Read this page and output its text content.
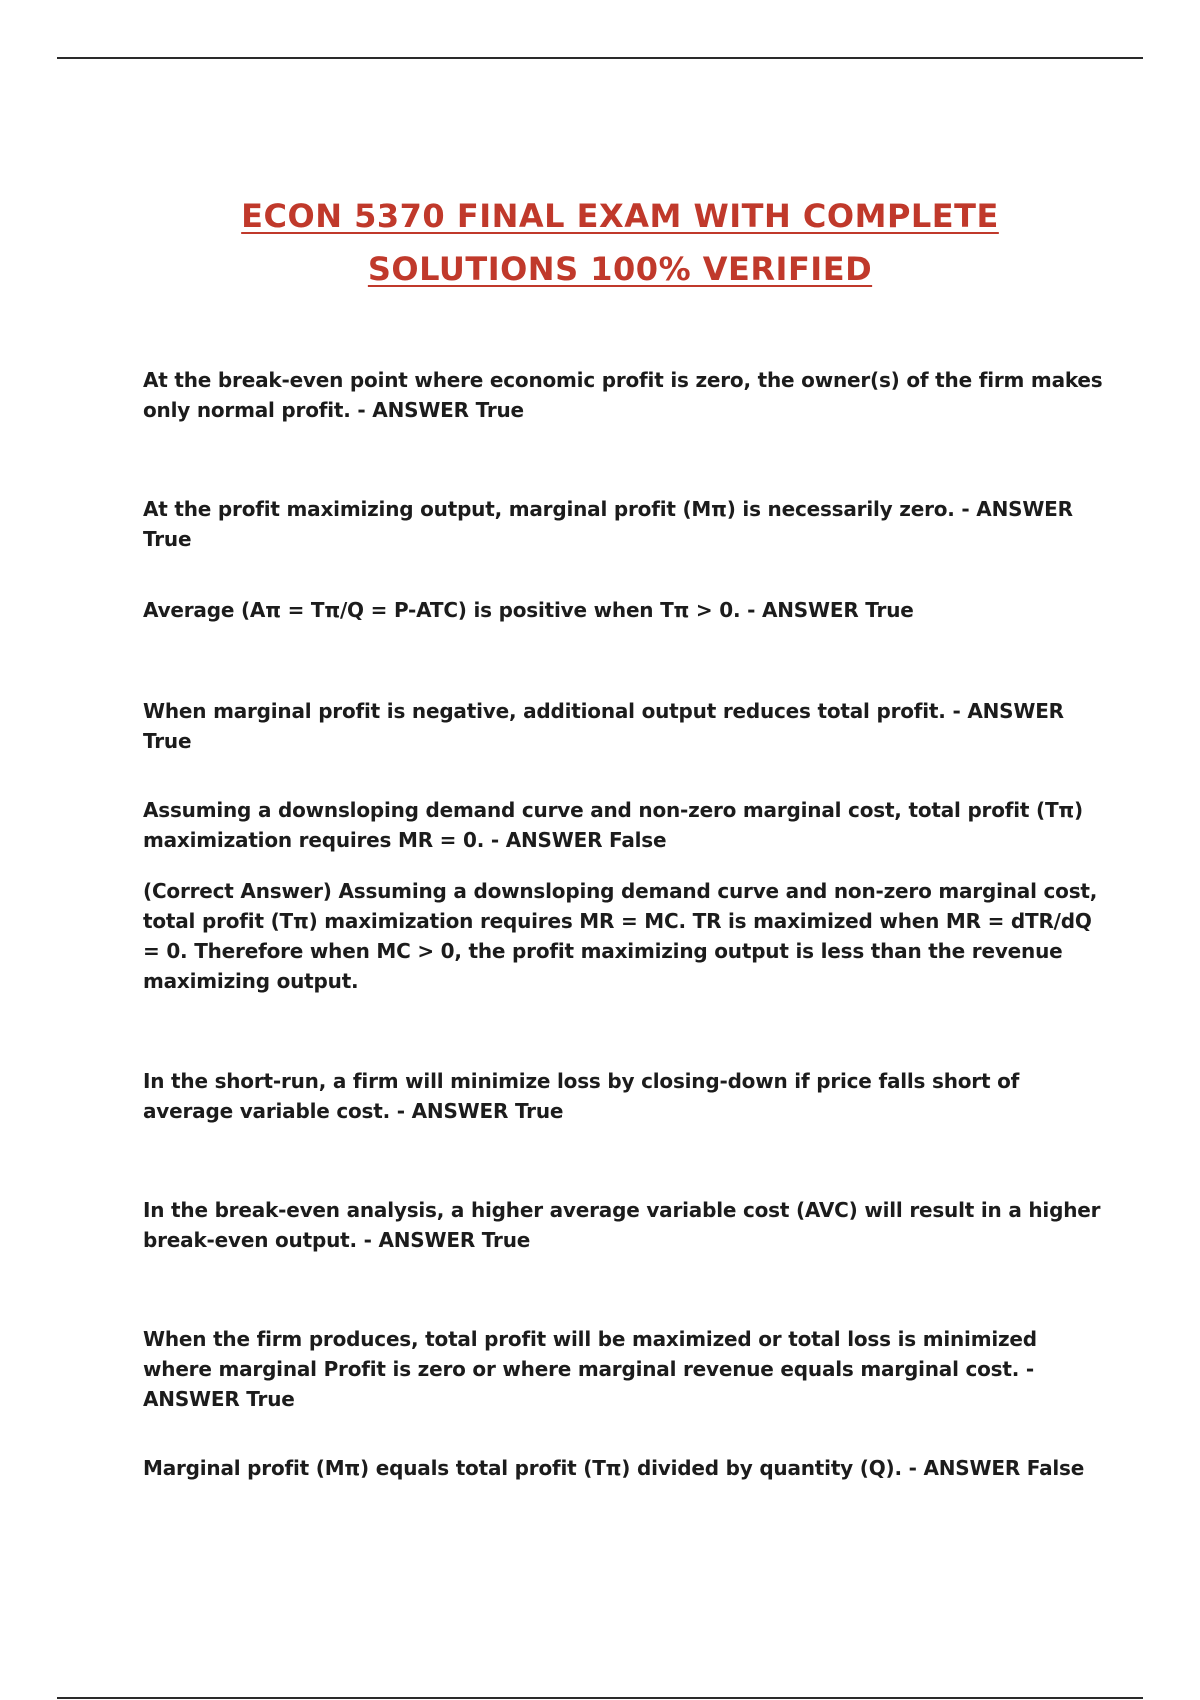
ECON 5370 FINAL EXAM WITH COMPLETE
SOLUTIONS 100% VERIFIED

At the break-even point where economic profit is zero, the owner(s) of the firm makes only normal profit. - ANSWER True

At the profit maximizing output, marginal profit (Mπ) is necessarily zero. - ANSWER True

Average (Aπ = Tπ/Q = P-ATC) is positive when Tπ > 0. - ANSWER True

When marginal profit is negative, additional output reduces total profit. - ANSWER True

Assuming a downsloping demand curve and non-zero marginal cost, total profit (Tπ) maximization requires MR = 0. - ANSWER False

(Correct Answer) Assuming a downsloping demand curve and non-zero marginal cost, total profit (Tπ) maximization requires MR = MC. TR is maximized when MR = dTR/dQ = 0. Therefore when MC > 0, the profit maximizing output is less than the revenue maximizing output.

In the short-run, a firm will minimize loss by closing-down if price falls short of average variable cost. - ANSWER True

In the break-even analysis, a higher average variable cost (AVC) will result in a higher break-even output. - ANSWER True

When the firm produces, total profit will be maximized or total loss is minimized where marginal Profit is zero or where marginal revenue equals marginal cost. - ANSWER True

Marginal profit (Mπ) equals total profit (Tπ) divided by quantity (Q). - ANSWER False
